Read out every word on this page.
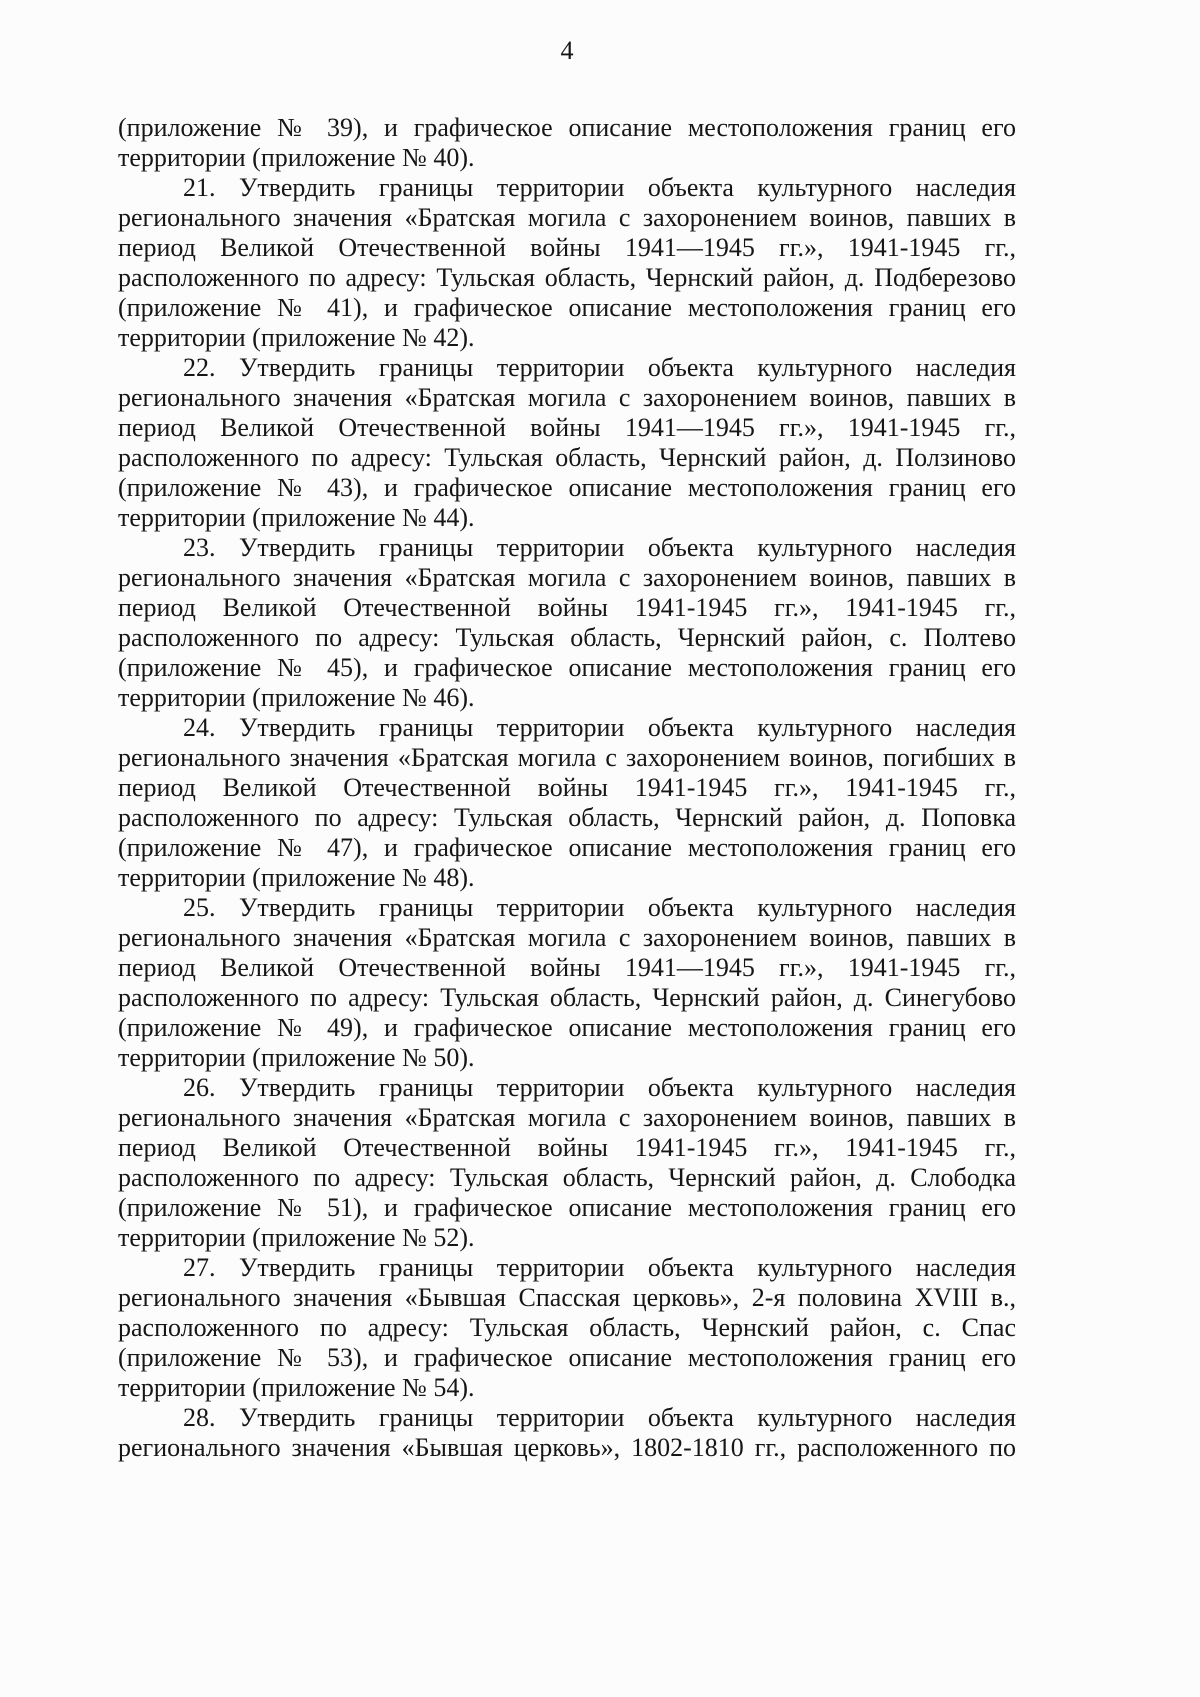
4
(приложение № 39), и графическое описание местоположения границ его
территории (приложение № 40).
21. Утвердить границы территории объекта культурного наследия
регионального значения «Братская могила с захоронением воинов, павших в
период Великой Отечественной войны 1941—1945 гг.», 1941-1945 гг.,
расположенного по адресу: Тульская область, Чернский район, д. Подберезово
(приложение № 41), и графическое описание местоположения границ его
территории (приложение № 42).
22. Утвердить границы территории объекта культурного наследия
регионального значения «Братская могила с захоронением воинов, павших в
период Великой Отечественной войны 1941—1945 гг.», 1941-1945 гг.,
расположенного по адресу: Тульская область, Чернский район, д. Ползиново
(приложение № 43), и графическое описание местоположения границ его
территории (приложение № 44).
23. Утвердить границы территории объекта культурного наследия
регионального значения «Братская могила с захоронением воинов, павших в
период Великой Отечественной войны 1941-1945 гг.», 1941-1945 гг.,
расположенного по адресу: Тульская область, Чернский район, с. Полтево
(приложение № 45), и графическое описание местоположения границ его
территории (приложение № 46).
24. Утвердить границы территории объекта культурного наследия
регионального значения «Братская могила с захоронением воинов, погибших в
период Великой Отечественной войны 1941-1945 гг.», 1941-1945 гг.,
расположенного по адресу: Тульская область, Чернский район, д. Поповка
(приложение № 47), и графическое описание местоположения границ его
территории (приложение № 48).
25. Утвердить границы территории объекта культурного наследия
регионального значения «Братская могила с захоронением воинов, павших в
период Великой Отечественной войны 1941—1945 гг.», 1941-1945 гг.,
расположенного по адресу: Тульская область, Чернский район, д. Синегубово
(приложение № 49), и графическое описание местоположения границ его
территории (приложение № 50).
26. Утвердить границы территории объекта культурного наследия
регионального значения «Братская могила с захоронением воинов, павших в
период Великой Отечественной войны 1941-1945 гг.», 1941-1945 гг.,
расположенного по адресу: Тульская область, Чернский район, д. Слободка
(приложение № 51), и графическое описание местоположения границ его
территории (приложение № 52).
27. Утвердить границы территории объекта культурного наследия
регионального значения «Бывшая Спасская церковь», 2-я половина XVIII в.,
расположенного по адресу: Тульская область, Чернский район, с. Спас
(приложение № 53), и графическое описание местоположения границ его
территории (приложение № 54).
28. Утвердить границы территории объекта культурного наследия
регионального значения «Бывшая церковь», 1802-1810 гг., расположенного по
